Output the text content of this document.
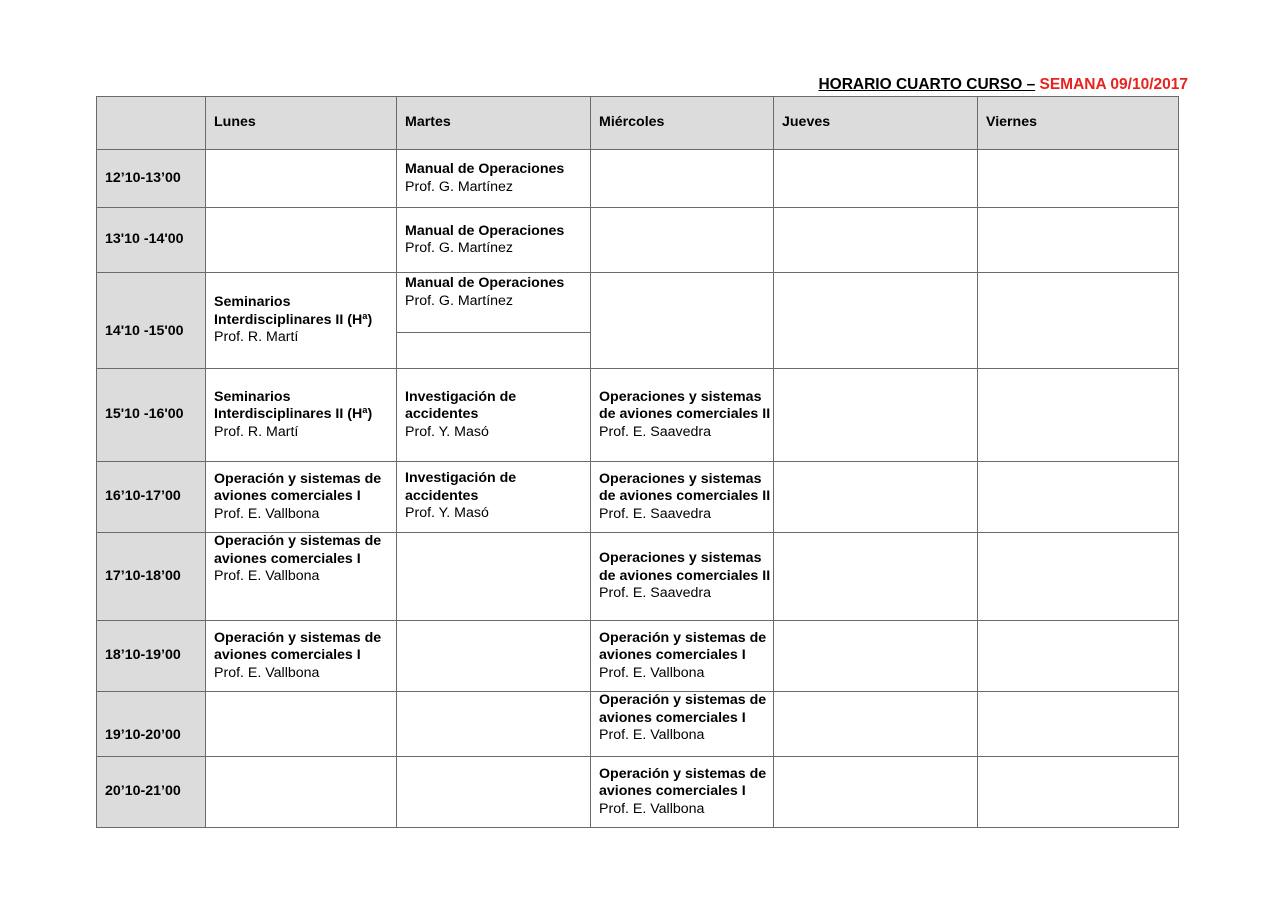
HORARIO CUARTO CURSO – SEMANA 09/10/2017
	Lunes	Martes	Miércoles	Jueves	Viernes
12’10-13’00		Manual de Operaciones
Prof. G. Martínez			

13'10 -14'00		Manual de Operaciones
Prof. G. Martínez			

14'10 -15'00	Seminarios Interdisciplinares II (Hª)
Prof. R. Martí	Manual de Operaciones
Prof. G. Martínez			

15'10 -16'00	Seminarios Interdisciplinares II (Hª)
Prof. R. Martí	Investigación de accidentes
Prof. Y. Masó	Operaciones y sistemas de aviones comerciales II
Prof. E. Saavedra		

16’10-17’00	Operación y sistemas de aviones comerciales I
Prof. E. Vallbona	Investigación de accidentes
Prof. Y. Masó	Operaciones y sistemas de aviones comerciales II
Prof. E. Saavedra		

17’10-18’00	Operación y sistemas de aviones comerciales I
Prof. E. Vallbona		Operaciones y sistemas de aviones comerciales II
Prof. E. Saavedra		

18’10-19’00	Operación y sistemas de aviones comerciales I
Prof. E. Vallbona		Operación y sistemas de aviones comerciales I
Prof. E. Vallbona		

19’10-20’00			Operación y sistemas de aviones comerciales I
Prof. E. Vallbona		

20’10-21’00			Operación y sistemas de aviones comerciales I
Prof. E. Vallbona		
